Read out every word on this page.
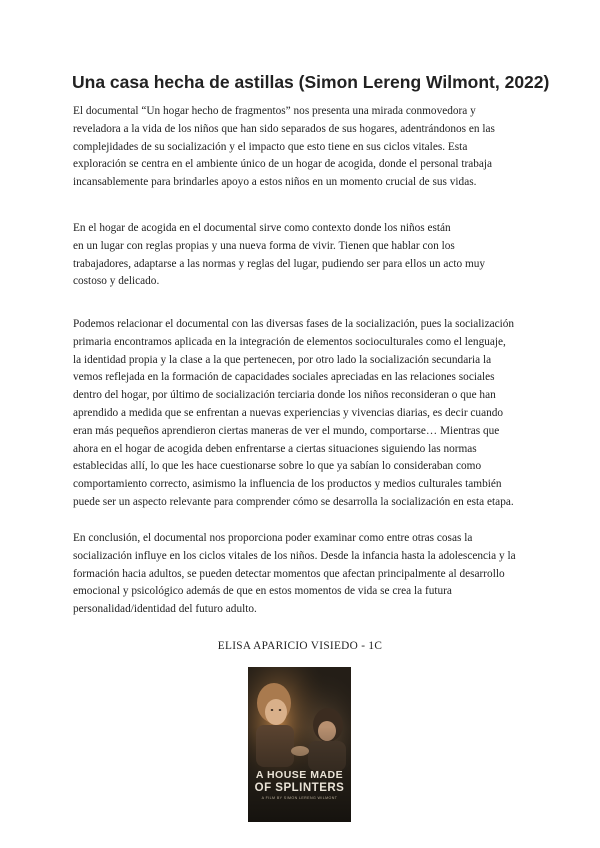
Una casa hecha de astillas (Simon Lereng Wilmont, 2022)

El documental “Un hogar hecho de fragmentos” nos presenta una mirada conmovedora y
reveladora a la vida de los niños que han sido separados de sus hogares, adentrándonos en las
complejidades de su socialización y el impacto que esto tiene en sus ciclos vitales. Esta
exploración se centra en el ambiente único de un hogar de acogida, donde el personal trabaja
incansablemente para brindarles apoyo a estos niños en un momento crucial de sus vidas.

En el hogar de acogida en el documental sirve como contexto donde los niños están
en un lugar con reglas propias y una nueva forma de vivir. Tienen que hablar con los
trabajadores, adaptarse a las normas y reglas del lugar, pudiendo ser para ellos un acto muy
costoso y delicado.

Podemos relacionar el documental con las diversas fases de la socialización, pues la socialización
primaria encontramos aplicada en la integración de elementos socioculturales como el lenguaje,
la identidad propia y la clase a la que pertenecen, por otro lado la socialización secundaria la
vemos reflejada en la formación de capacidades sociales apreciadas en las relaciones sociales
dentro del hogar, por último de socialización terciaria donde los niños reconsideran o que han
aprendido a medida que se enfrentan a nuevas experiencias y vivencias diarias, es decir cuando
eran más pequeños aprendieron ciertas maneras de ver el mundo, comportarse… Mientras que
ahora en el hogar de acogida deben enfrentarse a ciertas situaciones siguiendo las normas
establecidas allí, lo que les hace cuestionarse sobre lo que ya sabían lo consideraban como
comportamiento correcto, asimismo la influencia de los productos y medios culturales también
puede ser un aspecto relevante para comprender cómo se desarrolla la socialización en esta etapa.

En conclusión, el documental nos proporciona poder examinar como entre otras cosas la
socialización influye en los ciclos vitales de los niños. Desde la infancia hasta la adolescencia y la
formación hacia adultos, se pueden detectar momentos que afectan principalmente al desarrollo
emocional y psicológico además de que en estos momentos de vida se crea la futura
personalidad/identidad del futuro adulto.

ELISA APARICIO VISIEDO - 1C

A HOUSE MADE
OF SPLINTERS
A FILM BY SIMON LERENG WILMONT
